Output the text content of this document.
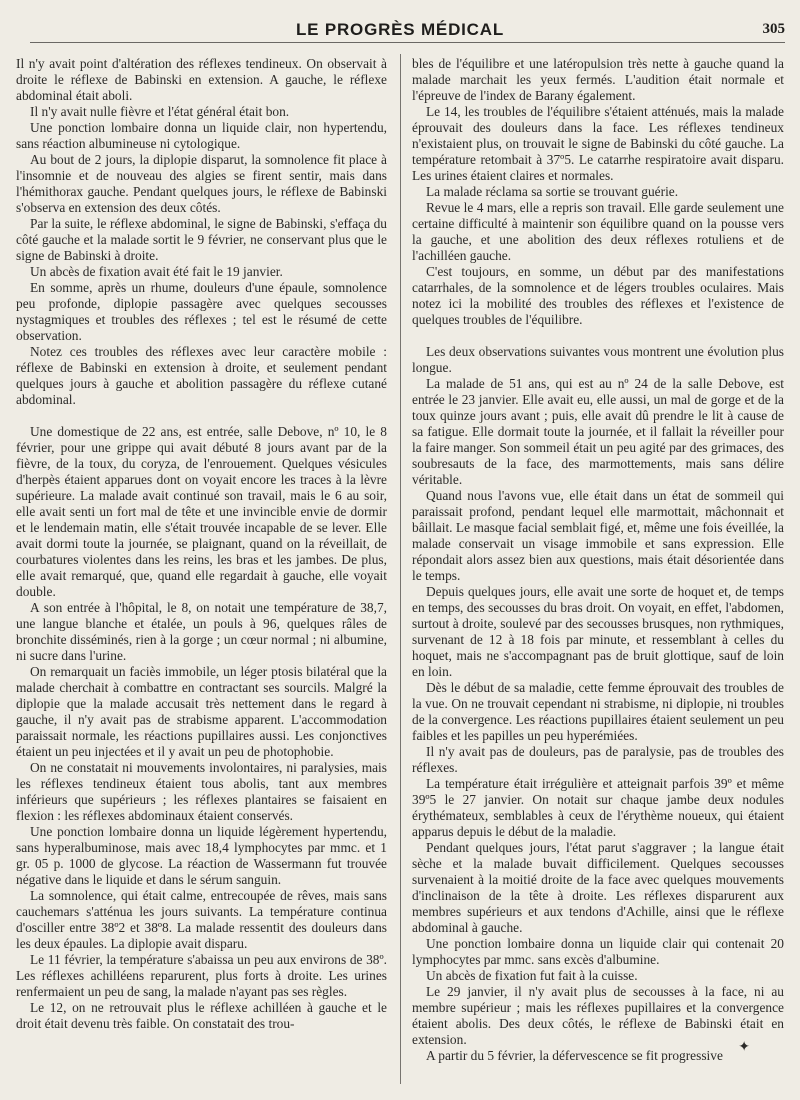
LE PROGRÈS MÉDICAL	305

Il n'y avait point d'altération des réflexes tendineux. On observait à droite le réflexe de Babinski en extension. A gauche, le réflexe abdominal était aboli.

Il n'y avait nulle fièvre et l'état général était bon.

Une ponction lombaire donna un liquide clair, non hypertendu, sans réaction albumineuse ni cytologique.

Au bout de 2 jours, la diplopie disparut, la somnolence fit place à l'insomnie et de nouveau des algies se firent sentir, mais dans l'hémithorax gauche. Pendant quelques jours, le réflexe de Babinski s'observa en extension des deux côtés.

Par la suite, le réflexe abdominal, le signe de Babinski, s'effaça du côté gauche et la malade sortit le 9 février, ne conservant plus que le signe de Babinski à droite.

Un abcès de fixation avait été fait le 19 janvier.

En somme, après un rhume, douleurs d'une épaule, somnolence peu profonde, diplopie passagère avec quelques secousses nystagmiques et troubles des réflexes ; tel est le résumé de cette observation.

Notez ces troubles des réflexes avec leur caractère mobile : réflexe de Babinski en extension à droite, et seulement pendant quelques jours à gauche et abolition passagère du réflexe cutané abdominal.

Une domestique de 22 ans, est entrée, salle Debove, nº 10, le 8 février, pour une grippe qui avait débuté 8 jours avant par de la fièvre, de la toux, du coryza, de l'enrouement. Quelques vésicules d'herpès étaient apparues dont on voyait encore les traces à la lèvre supérieure. La malade avait continué son travail, mais le 6 au soir, elle avait senti un fort mal de tête et une invincible envie de dormir et le lendemain matin, elle s'était trouvée incapable de se lever. Elle avait dormi toute la journée, se plaignant, quand on la réveillait, de courbatures violentes dans les reins, les bras et les jambes. De plus, elle avait remarqué, que, quand elle regardait à gauche, elle voyait double.

A son entrée à l'hôpital, le 8, on notait une température de 38,7, une langue blanche et étalée, un pouls à 96, quelques râles de bronchite disséminés, rien à la gorge ; un cœur normal ; ni albumine, ni sucre dans l'urine.

On remarquait un faciès immobile, un léger ptosis bilatéral que la malade cherchait à combattre en contractant ses sourcils. Malgré la diplopie que la malade accusait très nettement dans le regard à gauche, il n'y avait pas de strabisme apparent. L'accommodation paraissait normale, les réactions pupillaires aussi. Les conjonctives étaient un peu injectées et il y avait un peu de photophobie.

On ne constatait ni mouvements involontaires, ni paralysies, mais les réflexes tendineux étaient tous abolis, tant aux membres inférieurs que supérieurs ; les réflexes plantaires se faisaient en flexion : les réflexes abdominaux étaient conservés.

Une ponction lombaire donna un liquide légèrement hypertendu, sans hyperalbuminose, mais avec 18,4 lymphocytes par mmc. et 1 gr. 05 p. 1000 de glycose. La réaction de Wassermann fut trouvée négative dans le liquide et dans le sérum sanguin.

La somnolence, qui était calme, entrecoupée de rêves, mais sans cauchemars s'atténua les jours suivants. La température continua d'osciller entre 38º2 et 38º8. La malade ressentit des douleurs dans les deux épaules. La diplopie avait disparu.

Le 11 février, la température s'abaissa un peu aux environs de 38º. Les réflexes achilléens reparurent, plus forts à droite. Les urines renfermaient un peu de sang, la malade n'ayant pas ses règles.

Le 12, on ne retrouvait plus le réflexe achilléen à gauche et le droit était devenu très faible. On constatait des trou-

bles de l'équilibre et une latéropulsion très nette à gauche quand la malade marchait les yeux fermés. L'audition était normale et l'épreuve de l'index de Barany également.

Le 14, les troubles de l'équilibre s'étaient atténués, mais la malade éprouvait des douleurs dans la face. Les réflexes tendineux n'existaient plus, on trouvait le signe de Babinski du côté gauche. La température retombait à 37º5. Le catarrhe respiratoire avait disparu. Les urines étaient claires et normales.

La malade réclama sa sortie se trouvant guérie.

Revue le 4 mars, elle a repris son travail. Elle garde seulement une certaine difficulté à maintenir son équilibre quand on la pousse vers la gauche, et une abolition des deux réflexes rotuliens et de l'achilléen gauche.

C'est toujours, en somme, un début par des manifestations catarrhales, de la somnolence et de légers troubles oculaires. Mais notez ici la mobilité des troubles des réflexes et l'existence de quelques troubles de l'équilibre.

Les deux observations suivantes vous montrent une évolution plus longue.

La malade de 51 ans, qui est au nº 24 de la salle Debove, est entrée le 23 janvier. Elle avait eu, elle aussi, un mal de gorge et de la toux quinze jours avant ; puis, elle avait dû prendre le lit à cause de sa fatigue. Elle dormait toute la journée, et il fallait la réveiller pour la faire manger. Son sommeil était un peu agité par des grimaces, des soubresauts de la face, des marmottements, mais sans délire véritable.

Quand nous l'avons vue, elle était dans un état de sommeil qui paraissait profond, pendant lequel elle marmottait, mâchonnait et bâillait. Le masque facial semblait figé, et, même une fois éveillée, la malade conservait un visage immobile et sans expression. Elle répondait alors assez bien aux questions, mais était désorientée dans le temps.

Depuis quelques jours, elle avait une sorte de hoquet et, de temps en temps, des secousses du bras droit. On voyait, en effet, l'abdomen, surtout à droite, soulevé par des secousses brusques, non rythmiques, survenant de 12 à 18 fois par minute, et ressemblant à celles du hoquet, mais ne s'accompagnant pas de bruit glottique, sauf de loin en loin.

Dès le début de sa maladie, cette femme éprouvait des troubles de la vue. On ne trouvait cependant ni strabisme, ni diplopie, ni troubles de la convergence. Les réactions pupillaires étaient seulement un peu faibles et les papilles un peu hyperémiées.

Il n'y avait pas de douleurs, pas de paralysie, pas de troubles des réflexes.

La température était irrégulière et atteignait parfois 39º et même 39º5 le 27 janvier. On notait sur chaque jambe deux nodules érythémateux, semblables à ceux de l'érythème noueux, qui étaient apparus depuis le début de la maladie.

Pendant quelques jours, l'état parut s'aggraver ; la langue était sèche et la malade buvait difficilement. Quelques secousses survenaient à la moitié droite de la face avec quelques mouvements d'inclinaison de la tête à droite. Les réflexes disparurent aux membres supérieurs et aux tendons d'Achille, ainsi que le réflexe abdominal à gauche.

Une ponction lombaire donna un liquide clair qui contenait 20 lymphocytes par mmc. sans excès d'albumine.

Un abcès de fixation fut fait à la cuisse.

Le 29 janvier, il n'y avait plus de secousses à la face, ni au membre supérieur ; mais les réflexes pupillaires et la convergence étaient abolis. Des deux côtés, le réflexe de Babinski était en extension.

A partir du 5 février, la défervescence se fit progressive

✦
